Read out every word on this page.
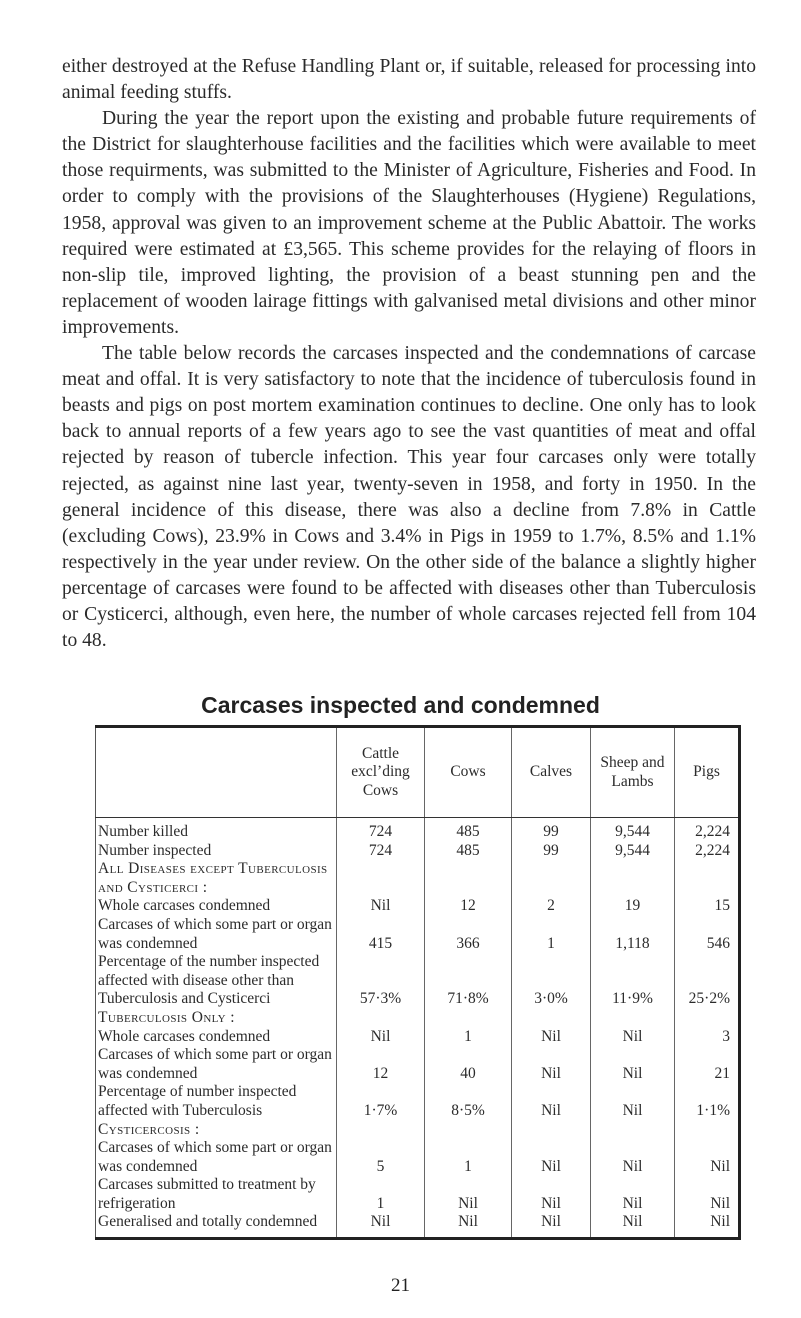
either destroyed at the Refuse Handling Plant or, if suitable, released for processing into animal feeding stuffs.

During the year the report upon the existing and probable future requirements of the District for slaughterhouse facilities and the facilities which were available to meet those requirments, was submitted to the Minister of Agriculture, Fisheries and Food. In order to comply with the provisions of the Slaughterhouses (Hygiene) Regulations, 1958, approval was given to an improvement scheme at the Public Abattoir. The works required were estimated at £3,565. This scheme provides for the relaying of floors in non-slip tile, improved lighting, the provision of a beast stunning pen and the replacement of wooden lairage fittings with galvanised metal divisions and other minor improvements.

The table below records the carcases inspected and the condemnations of carcase meat and offal. It is very satisfactory to note that the incidence of tuberculosis found in beasts and pigs on post mortem examination continues to decline. One only has to look back to annual reports of a few years ago to see the vast quantities of meat and offal rejected by reason of tubercle infection. This year four carcases only were totally rejected, as against nine last year, twenty-seven in 1958, and forty in 1950. In the general incidence of this disease, there was also a decline from 7.8% in Cattle (excluding Cows), 23.9% in Cows and 3.4% in Pigs in 1959 to 1.7%, 8.5% and 1.1% respectively in the year under review. On the other side of the balance a slightly higher percentage of carcases were found to be affected with diseases other than Tuberculosis or Cysticerci, although, even here, the number of whole carcases rejected fell from 104 to 48.

Carcases inspected and condemned
	Cattle excl’ding Cows	Cows	Calves	Sheep and Lambs	Pigs
Number killed	724	485	99	9,544	2,224
Number inspected	724	485	99	9,544	2,224
All Diseases except Tuberculosis and Cysticerci :					
Whole carcases condemned	Nil	12	2	19	15
Carcases of which some part or organ was condemned	415	366	1	1,118	546
Percentage of the number inspected affected with disease other than Tuberculosis and Cysticerci	57·3%	71·8%	3·0%	11·9%	25·2%
Tuberculosis Only :					
Whole carcases condemned	Nil	1	Nil	Nil	3
Carcases of which some part or organ was condemned	12	40	Nil	Nil	21
Percentage of number inspected affected with Tuberculosis	1·7%	8·5%	Nil	Nil	1·1%
Cysticercosis :					
Carcases of which some part or organ was condemned	5	1	Nil	Nil	Nil
Carcases submitted to treatment by refrigeration	1	Nil	Nil	Nil	Nil
Generalised and totally condemned	Nil	Nil	Nil	Nil	Nil
21
